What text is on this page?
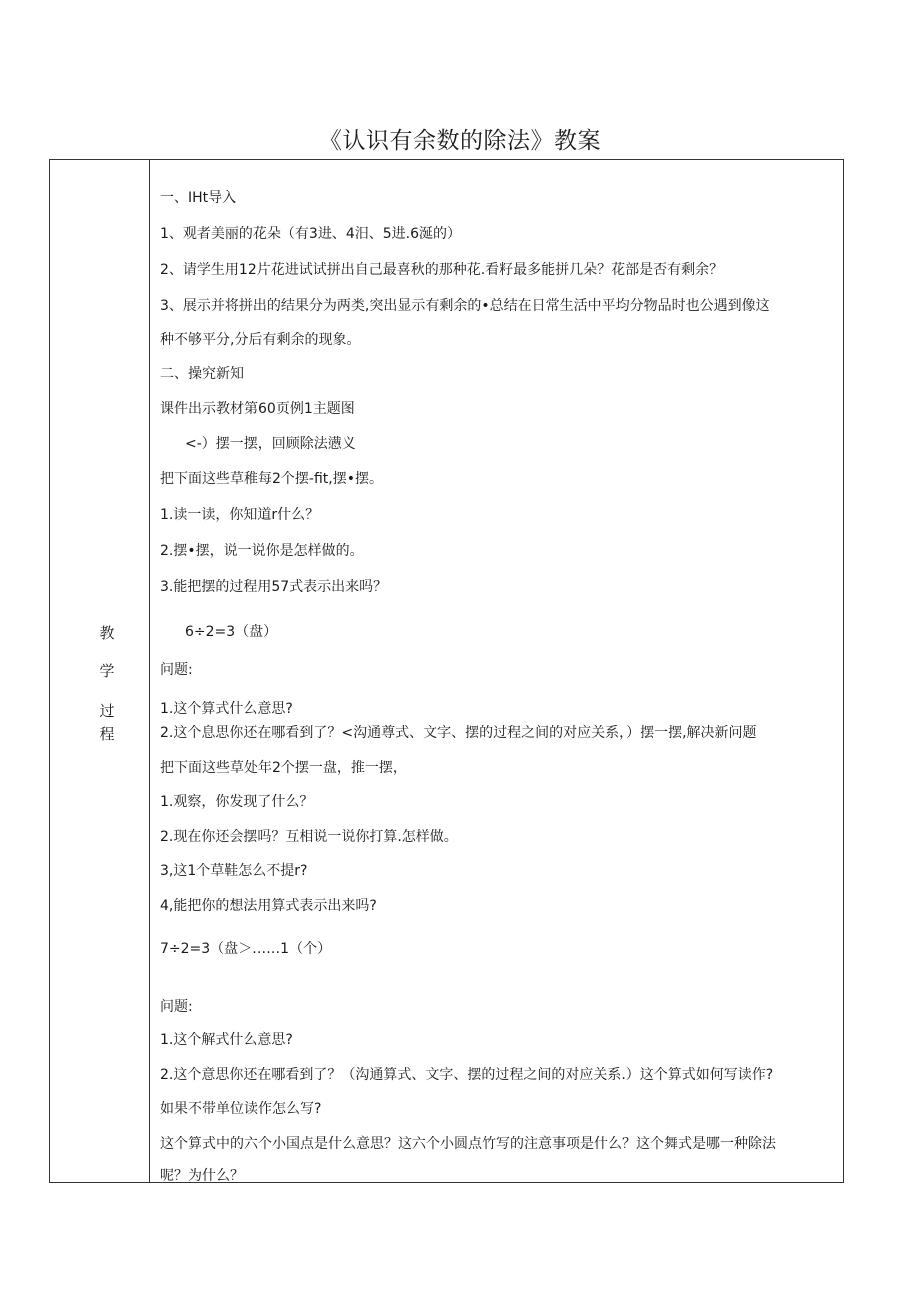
《认识有余数的除法》教案
教
学
过
程
一、IHt导入
1、观者美丽的花朵（有3进、4汨、5进.6涎的）
2、请学生用12片花进试试拼出自己最喜秋的那种花.看籽最多能拼几朵？花部是否有剩余？
3、展示并将拼出的结果分为两类,突出显示有剩余的•总结在日常生活中平均分物品时也公遇到像这
种不够平分,分后有剩余的现象。
二、操究新知
课件出示教材第60页例1主题图
<-）摆一摆，回顾除法懑义
把下面这些草稚每2个摆-fit,摆•摆。
1.读一读，你知道r什么？
2.摆•摆，说一说你是怎样做的。
3.能把摆的过程用57式表示出来吗？
6÷2=3（盘）
问题:
1.这个算式什么意思?
2.这个息思你还在哪看到了？<沟通尊式、文字、摆的过程之间的对应关系，）摆一摆,解决新问题
把下面这些草处年2个摆一盘，推一摆，
1.观察，你发现了什么？
2.现在你还会摆吗？互相说一说你打算.怎样做。
3,这1个草鞋怎么不提r?
4,能把你的想法用算式表示出来吗?
7÷2=3（盘＞……1（个）
问题:
1.这个解式什么意思?
2.这个意思你还在哪看到了？（沟通算式、文字、摆的过程之间的对应关系.）这个算式如何写读作?
如果不带单位读作怎么写?
这个算式中的六个小国点是什么意思？这六个小圆点竹写的注意事项是什么？这个舞式是哪一种除法
呢？为什么？
